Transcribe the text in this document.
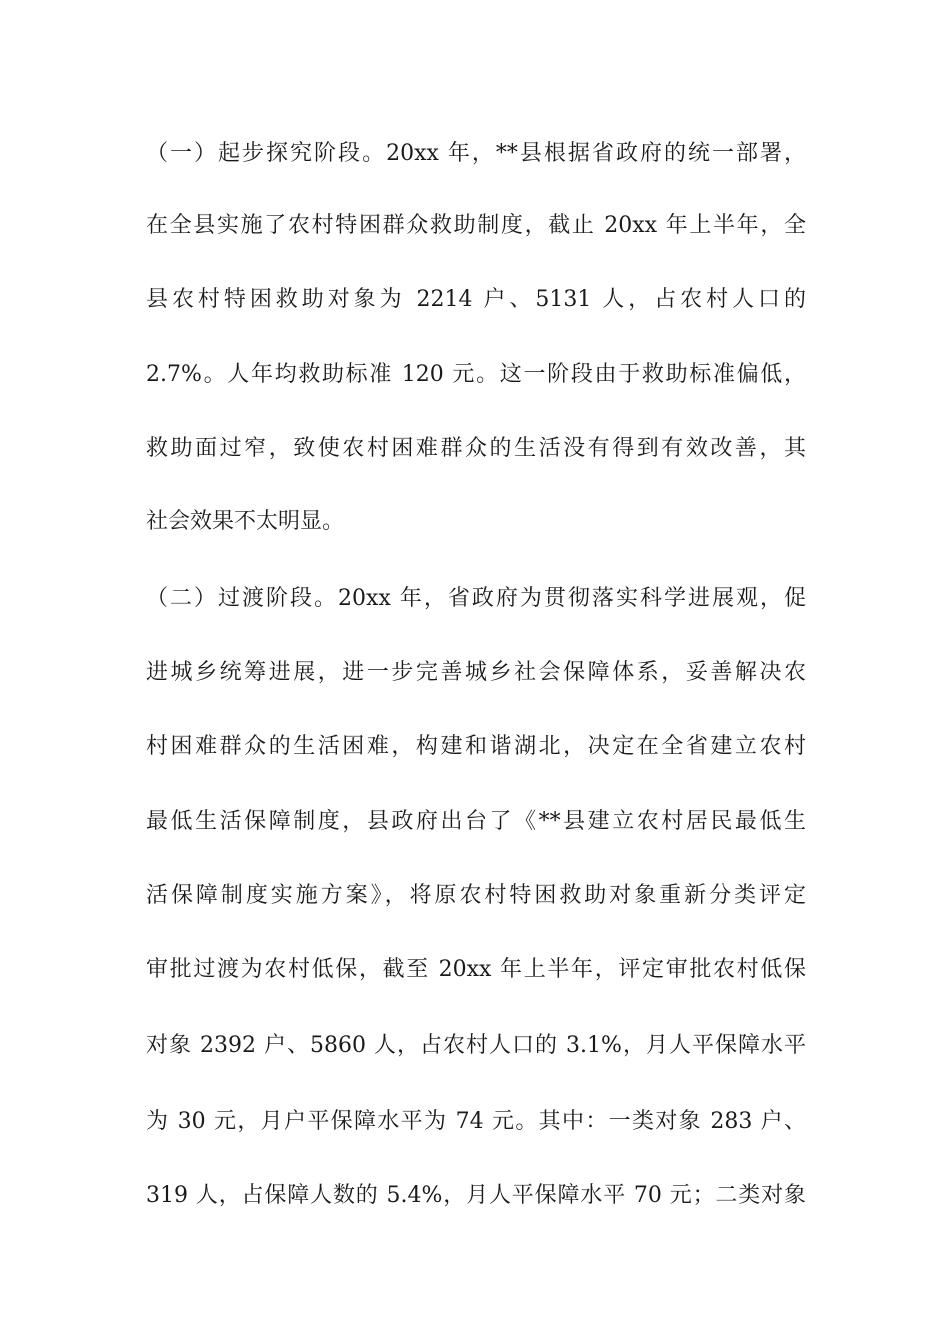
（一）起步探究阶段。20xx 年，**县根据省政府的统一部署，
在全县实施了农村特困群众救助制度，截止 20xx 年上半年，全
县农村特困救助对象为 2214 户、5131 人，占农村人口的
2.7%。人年均救助标准 120 元。这一阶段由于救助标准偏低，
救助面过窄，致使农村困难群众的生活没有得到有效改善，其
社会效果不太明显。
（二）过渡阶段。20xx 年，省政府为贯彻落实科学进展观，促
进城乡统筹进展，进一步完善城乡社会保障体系，妥善解决农
村困难群众的生活困难，构建和谐湖北，决定在全省建立农村
最低生活保障制度，县政府出台了《**县建立农村居民最低生
活保障制度实施方案》，将原农村特困救助对象重新分类评定
审批过渡为农村低保，截至 20xx 年上半年，评定审批农村低保
对象 2392 户、5860 人，占农村人口的 3.1%，月人平保障水平
为 30 元，月户平保障水平为 74 元。其中：一类对象 283 户、
319 人，占保障人数的 5.4%，月人平保障水平 70 元；二类对象
